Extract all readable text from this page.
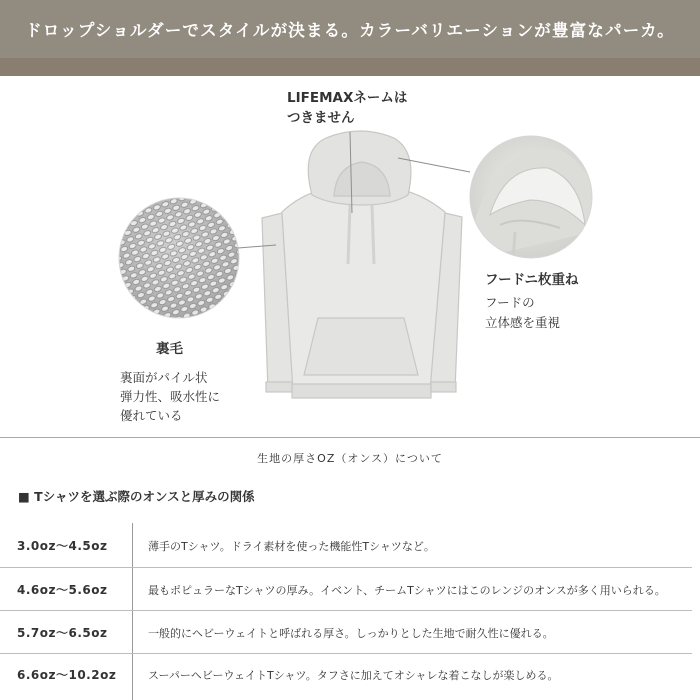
ドロップショルダーでスタイルが決まる。カラーバリエーションが豊富なパーカ。
LIFEMAXネームは
つきません
フードニ枚重ね
フードの
立体感を重視
裏毛
裏面がパイル状
弾力性、吸水性に
優れている
生地の厚さOZ（オンス）について
■ Tシャツを選ぶ際のオンスと厚みの関係
3.0oz〜4.5oz	薄手のTシャツ。ドライ素材を使った機能性Tシャツなど。
4.6oz〜5.6oz	最もポピュラーなTシャツの厚み。イベント、チームTシャツにはこのレンジのオンスが多く用いられる。
5.7oz〜6.5oz	一般的にヘビーウェイトと呼ばれる厚さ。しっかりとした生地で耐久性に優れる。
6.6oz〜10.2oz	スーパーヘビーウェイトTシャツ。タフさに加えてオシャレな着こなしが楽しめる。
